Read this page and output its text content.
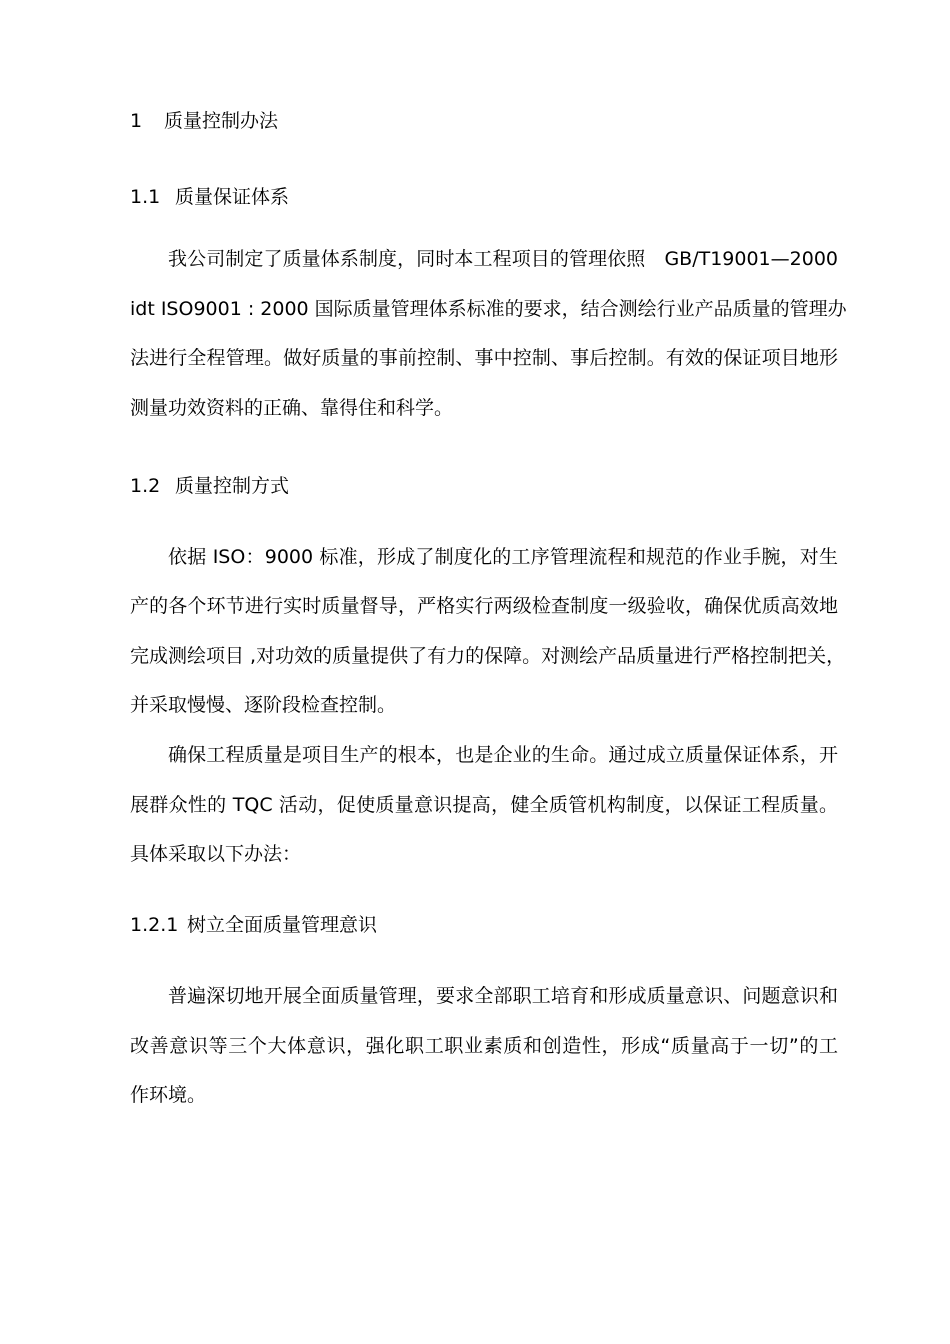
1 质量控制办法
1.1 质量保证体系
我公司制定了质量体系制度，同时本工程项目的管理依照　GB/T19001—2000
idt ISO9001 : 2000 国际质量管理体系标准的要求，结合测绘行业产品质量的管理办
法进行全程管理。做好质量的事前控制、事中控制、事后控制。有效的保证项目地形
测量功效资料的正确、靠得住和科学。
1.2 质量控制方式
依据 ISO：9000 标准，形成了制度化的工序管理流程和规范的作业手腕，对生
产的各个环节进行实时质量督导，严格实行两级检查制度一级验收，确保优质高效地
完成测绘项目 ,对功效的质量提供了有力的保障。对测绘产品质量进行严格控制把关，
并采取慢慢、逐阶段检查控制。
确保工程质量是项目生产的根本，也是企业的生命。通过成立质量保证体系，开
展群众性的 TQC 活动，促使质量意识提高，健全质管机构制度，以保证工程质量。
具体采取以下办法：
1.2.1 树立全面质量管理意识
普遍深切地开展全面质量管理，要求全部职工培育和形成质量意识、问题意识和
改善意识等三个大体意识，强化职工职业素质和创造性，形成“质量高于一切”的工
作环境。
